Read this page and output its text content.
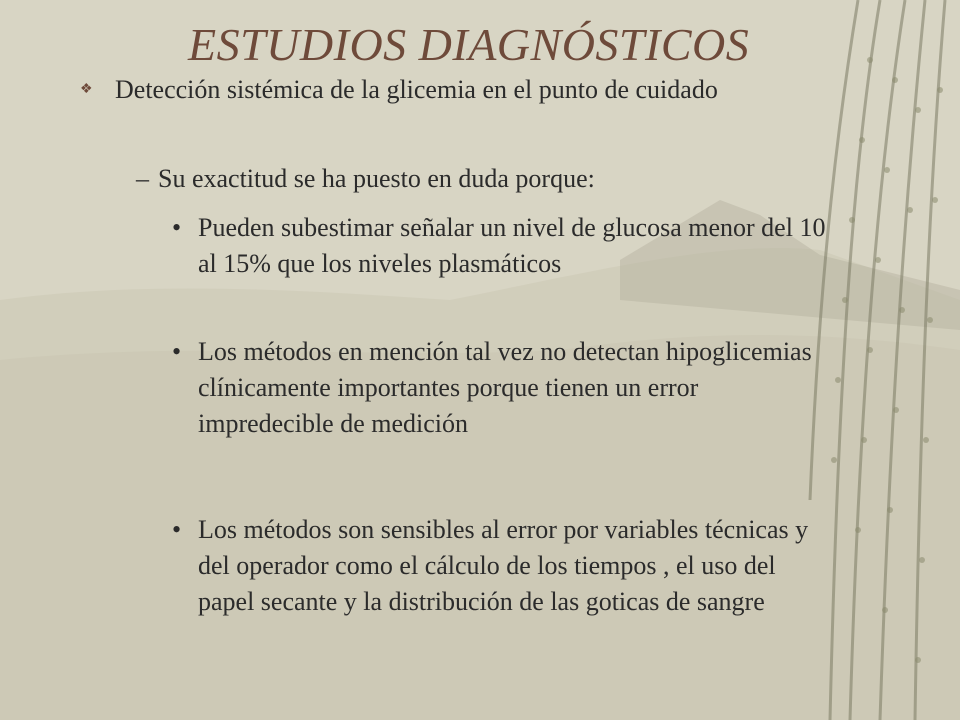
ESTUDIOS DIAGNÓSTICOS
❖ Detección sistémica de la glicemia en el punto de cuidado
– Su exactitud se ha puesto en duda porque:
• Pueden subestimar señalar un nivel de glucosa menor del 10 al 15% que los niveles plasmáticos
• Los métodos en mención tal vez no detectan hipoglicemias clínicamente importantes porque tienen un error impredecible de medición
• Los métodos son sensibles al error por variables técnicas y del operador como el cálculo de los tiempos , el uso del papel secante y la distribución de las goticas de sangre
